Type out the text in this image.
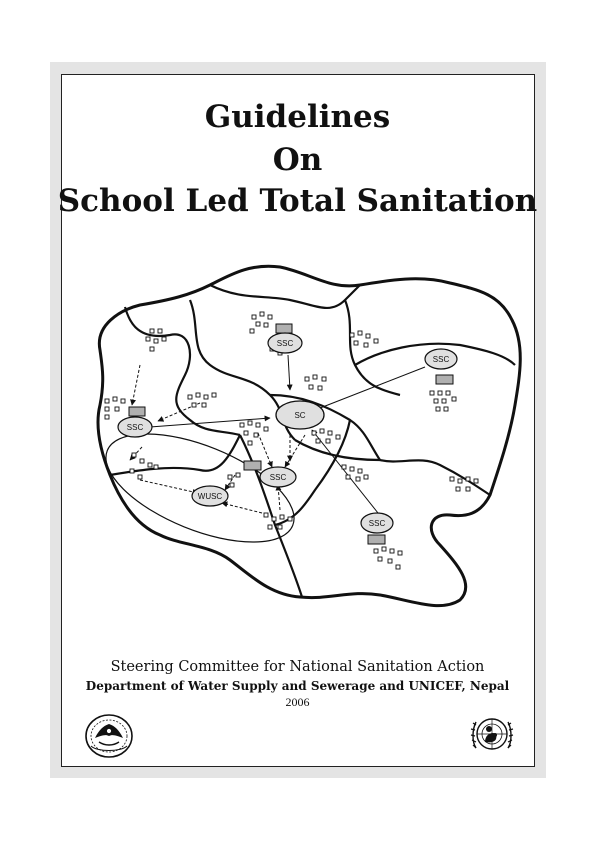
Guidelines
On
School Led Total Sanitation
SC
SSC
SSC
SSC
SSC
SSC
WUSC
Steering Committee for National Sanitation Action
Department of Water Supply and Sewerage and UNICEF, Nepal
2006
